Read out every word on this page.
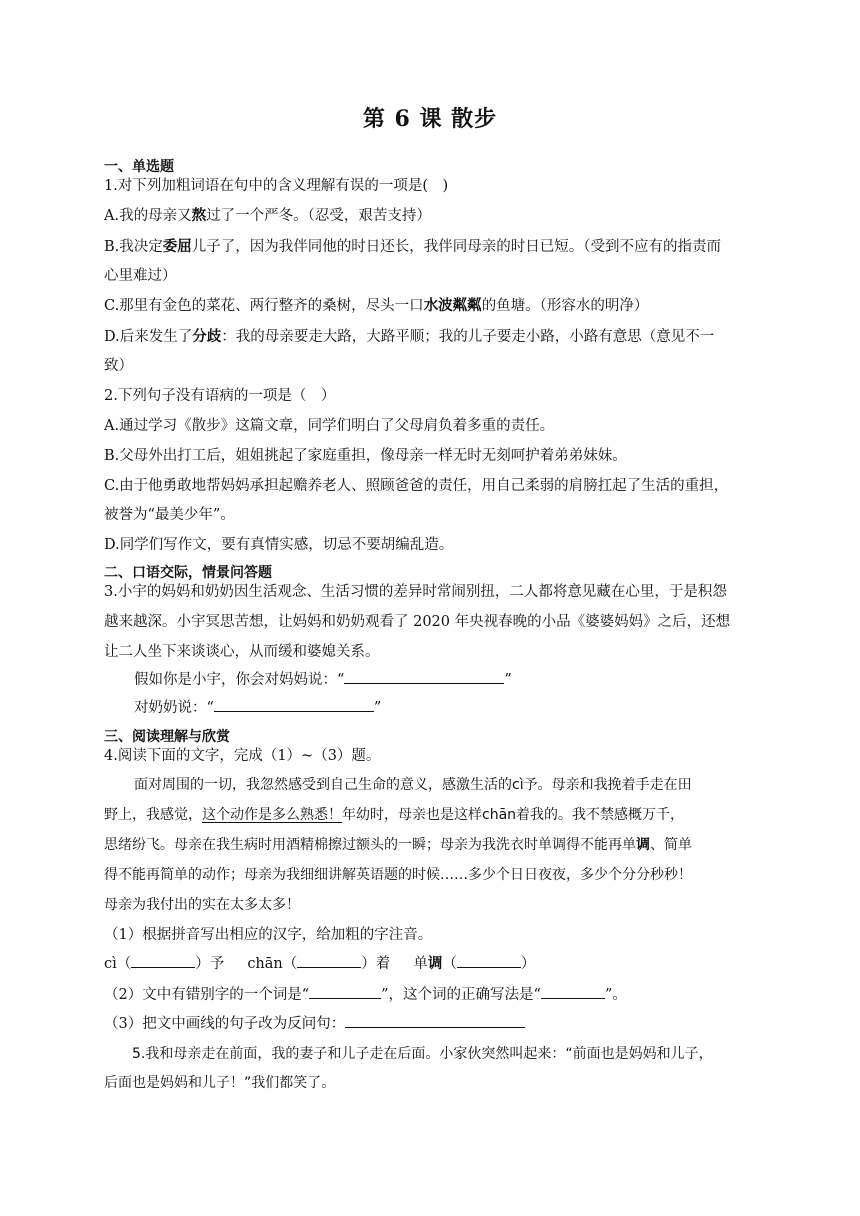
第 6 课 散步
一、单选题
1.对下列加粗词语在句中的含义理解有误的一项是(　)
A.我的母亲又熬过了一个严冬。（忍受，艰苦支持）
B.我决定委屈儿子了，因为我伴同他的时日还长，我伴同母亲的时日已短。（受到不应有的指责而
心里难过）
C.那里有金色的菜花、两行整齐的桑树，尽头一口水波粼粼的鱼塘。（形容水的明净）
D.后来发生了分歧：我的母亲要走大路，大路平顺；我的儿子要走小路，小路有意思（意见不一
致）
2.下列句子没有语病的一项是（　）
A.通过学习《散步》这篇文章，同学们明白了父母肩负着多重的责任。
B.父母外出打工后，姐姐挑起了家庭重担，像母亲一样无时无刻呵护着弟弟妹妹。
C.由于他勇敢地帮妈妈承担起赡养老人、照顾爸爸的责任，用自己柔弱的肩膀扛起了生活的重担，
被誉为“最美少年”。
D.同学们写作文，要有真情实感，切忌不要胡编乱造。
二、口语交际，情景问答题
3.小宇的妈妈和奶奶因生活观念、生活习惯的差异时常闹别扭，二人都将意见藏在心里，于是积怨
越来越深。小宇冥思苦想，让妈妈和奶奶观看了 2020 年央视春晚的小品《婆婆妈妈》之后，还想
让二人坐下来谈谈心，从而缓和婆媳关系。
假如你是小宇，你会对妈妈说：“	”
对奶奶说：“	”
三、阅读理解与欣赏
4.阅读下面的文字，完成（1）~（3）题。
面对周围的一切，我忽然感受到自己生命的意义，感激生活的cì予。母亲和我挽着手走在田
野上，我感觉，这个动作是多么熟悉！年幼时，母亲也是这样chān着我的。我不禁感概万千，
思绪纷飞。母亲在我生病时用酒精棉擦过额头的一瞬；母亲为我洗衣时单调得不能再单调、简单
得不能再简单的动作；母亲为我细细讲解英语题的时候……多少个日日夜夜，多少个分分秒秒！
母亲为我付出的实在太多太多！
（1）根据拼音写出相应的汉字，给加粗的字注音。
cì（	）予 chān（	）着 单调（	）
（2）文中有错别字的一个词是“	”，这个词的正确写法是“	”。
（3）把文中画线的句子改为反问句：
5.我和母亲走在前面，我的妻子和儿子走在后面。小家伙突然叫起来：“前面也是妈妈和儿子，
后面也是妈妈和儿子！”我们都笑了。
